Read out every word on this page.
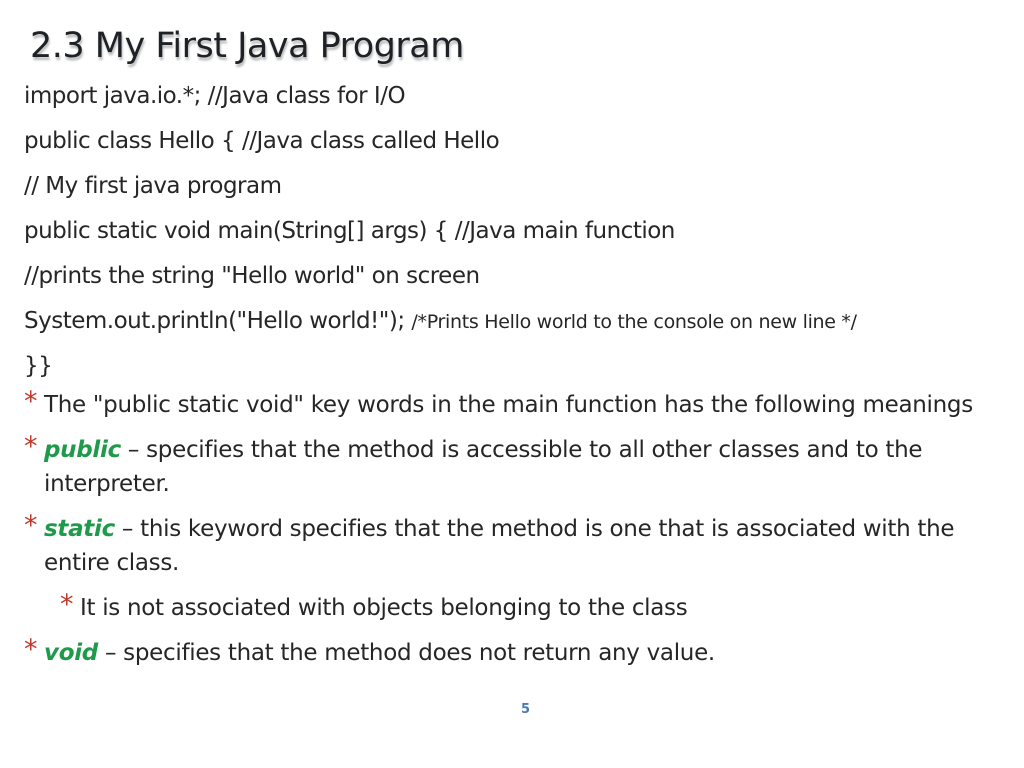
2.3 My First Java Program
import java.io.*; //Java class for I/O
public class Hello { //Java class called Hello
// My first java program
public static void main(String[] args) { //Java main function
//prints the string "Hello world" on screen
System.out.println("Hello world!"); /*Prints Hello world to the console on new line */
}}
* The "public static void" key words in the main function has the following meanings
* public – specifies that the method is accessible to all other classes and to the interpreter.
* static – this keyword specifies that the method is one that is associated with the entire class.
* It is not associated with objects belonging to the class
* void – specifies that the method does not return any value.
5
